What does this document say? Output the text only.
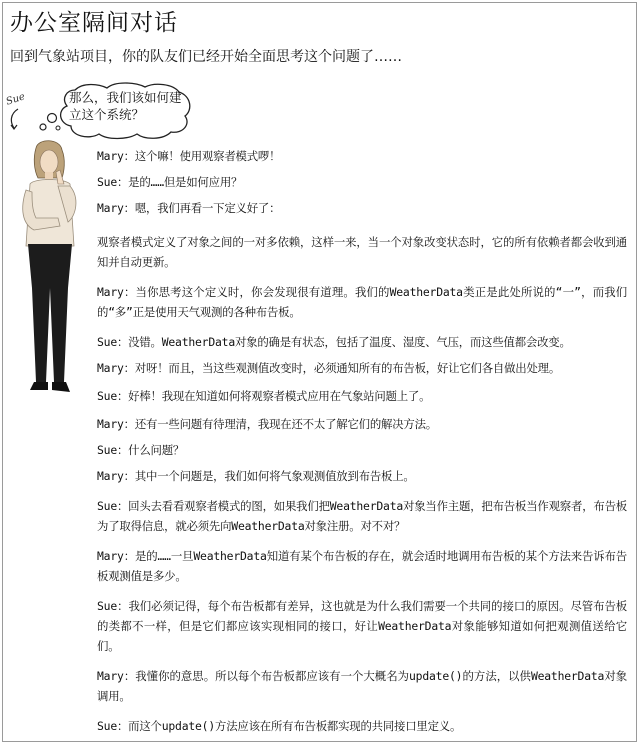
办公室隔间对话
回到气象站项目，你的队友们已经开始全面思考这个问题了……
Sue	那么，我们该如何建
立这个系统？

Mary：这个嘛！使用观察者模式啰！

Sue：是的……但是如何应用？

Mary：嗯，我们再看一下定义好了：

观察者模式定义了对象之间的一对多依赖，这样一来，当一个对象改变状态时，它的所有依赖者都会收到通知并自动更新。

Mary：当你思考这个定义时，你会发现很有道理。我们的WeatherData类正是此处所说的“一”，而我们的“多”正是使用天气观测的各种布告板。

Sue：没错。WeatherData对象的确是有状态，包括了温度、湿度、气压，而这些值都会改变。

Mary：对呀！而且，当这些观测值改变时，必须通知所有的布告板，好让它们各自做出处理。

Sue：好棒！我现在知道如何将观察者模式应用在气象站问题上了。

Mary：还有一些问题有待理清，我现在还不太了解它们的解决方法。

Sue：什么问题？

Mary：其中一个问题是，我们如何将气象观测值放到布告板上。

Sue：回头去看看观察者模式的图，如果我们把WeatherData对象当作主题，把布告板当作观察者，布告板为了取得信息，就必须先向WeatherData对象注册。对不对？

Mary：是的……一旦WeatherData知道有某个布告板的存在，就会适时地调用布告板的某个方法来告诉布告板观测值是多少。

Sue：我们必须记得，每个布告板都有差异，这也就是为什么我们需要一个共同的接口的原因。尽管布告板的类都不一样，但是它们都应该实现相同的接口，好让WeatherData对象能够知道如何把观测值送给它们。

Mary：我懂你的意思。所以每个布告板都应该有一个大概名为update()的方法，以供WeatherData对象调用。

Sue：而这个update()方法应该在所有布告板都实现的共同接口里定义。
